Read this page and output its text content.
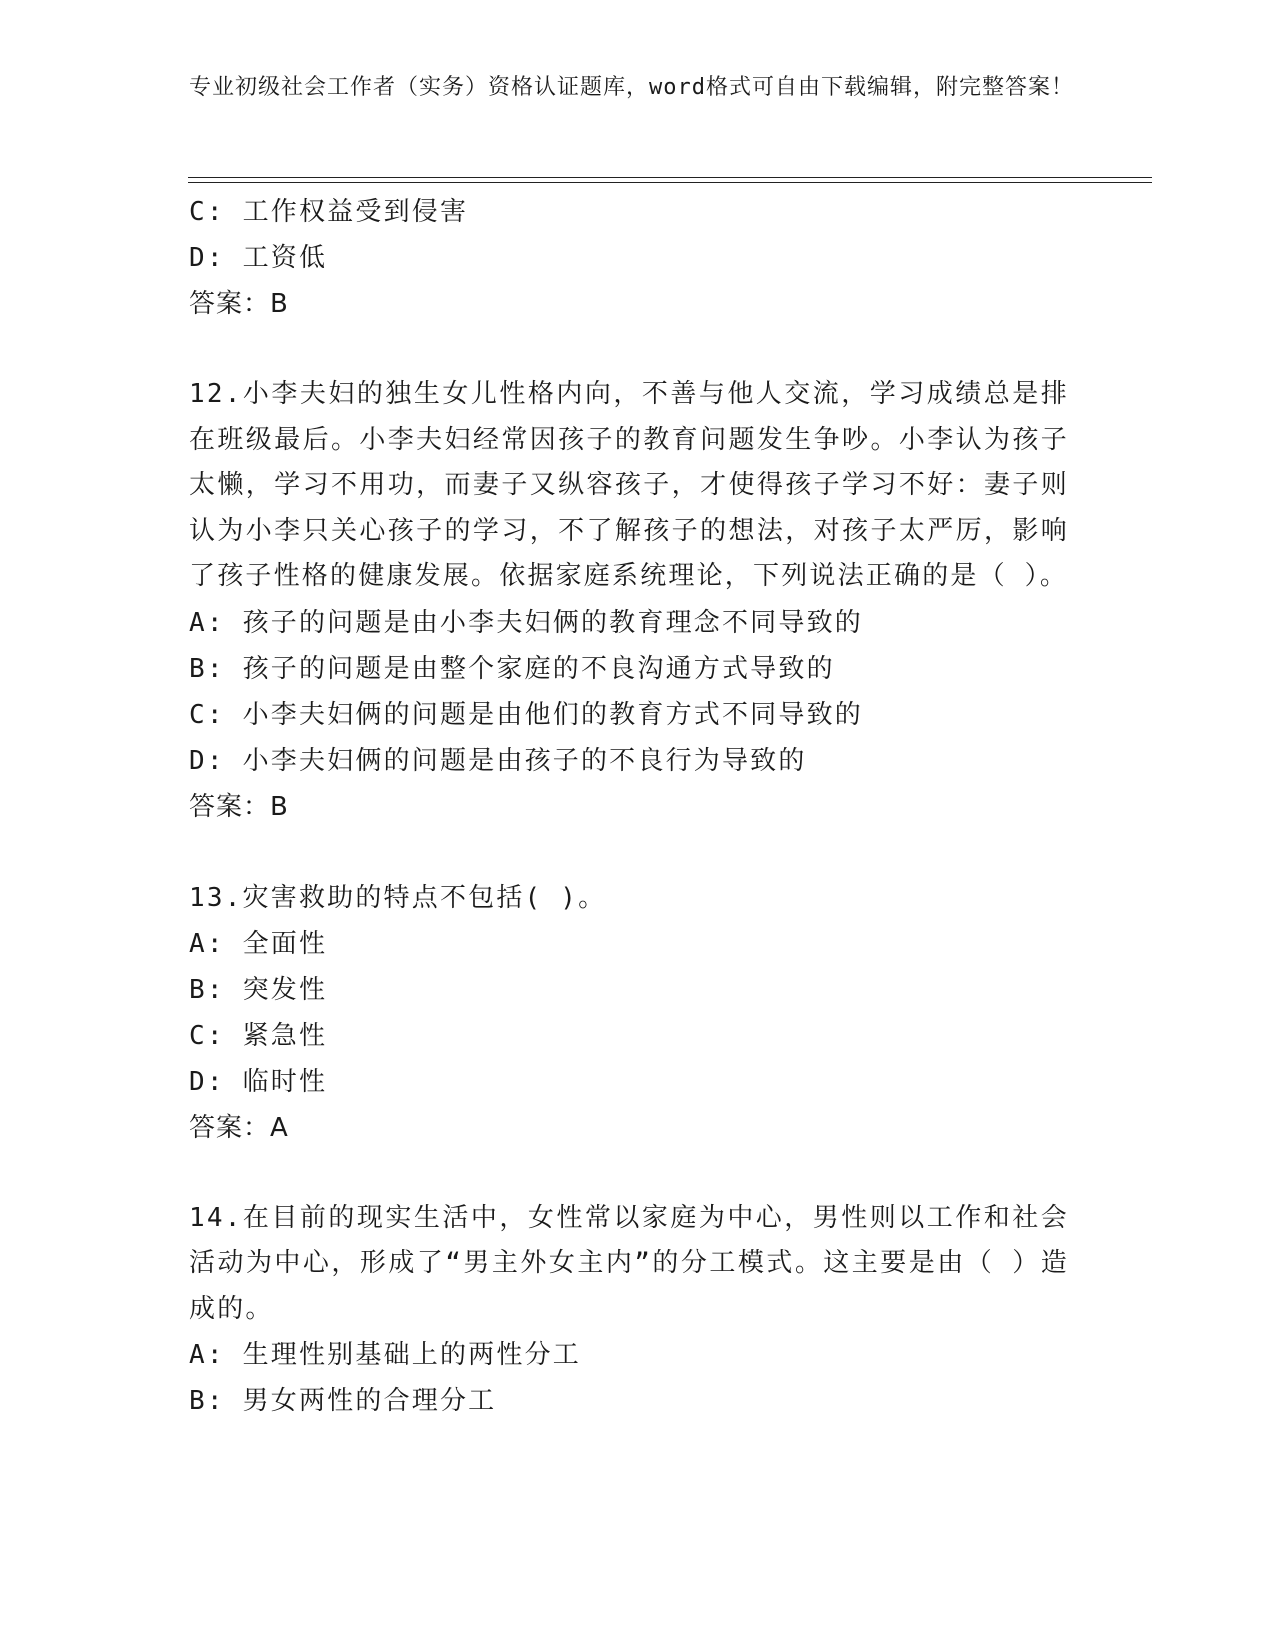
专业初级社会工作者（实务）资格认证题库，word格式可自由下载编辑，附完整答案！
C: 工作权益受到侵害
D: 工资低
答案：B

12.小李夫妇的独生女儿性格内向，不善与他人交流，学习成绩总是排在班级最后。小李夫妇经常因孩子的教育问题发生争吵。小李认为孩子太懒，学习不用功，而妻子又纵容孩子，才使得孩子学习不好：妻子则认为小李只关心孩子的学习，不了解孩子的想法，对孩子太严厉，影响了孩子性格的健康发展。依据家庭系统理论，下列说法正确的是（ ）。

A: 孩子的问题是由小李夫妇俩的教育理念不同导致的
B: 孩子的问题是由整个家庭的不良沟通方式导致的
C: 小李夫妇俩的问题是由他们的教育方式不同导致的
D: 小李夫妇俩的问题是由孩子的不良行为导致的
答案：B
13.灾害救助的特点不包括( )。
A: 全面性
B: 突发性
C: 紧急性
D: 临时性
答案：A

14.在目前的现实生活中，女性常以家庭为中心，男性则以工作和社会活动为中心，形成了“男主外女主内”的分工模式。这主要是由（ ）造成的。

A: 生理性别基础上的两性分工
B: 男女两性的合理分工
